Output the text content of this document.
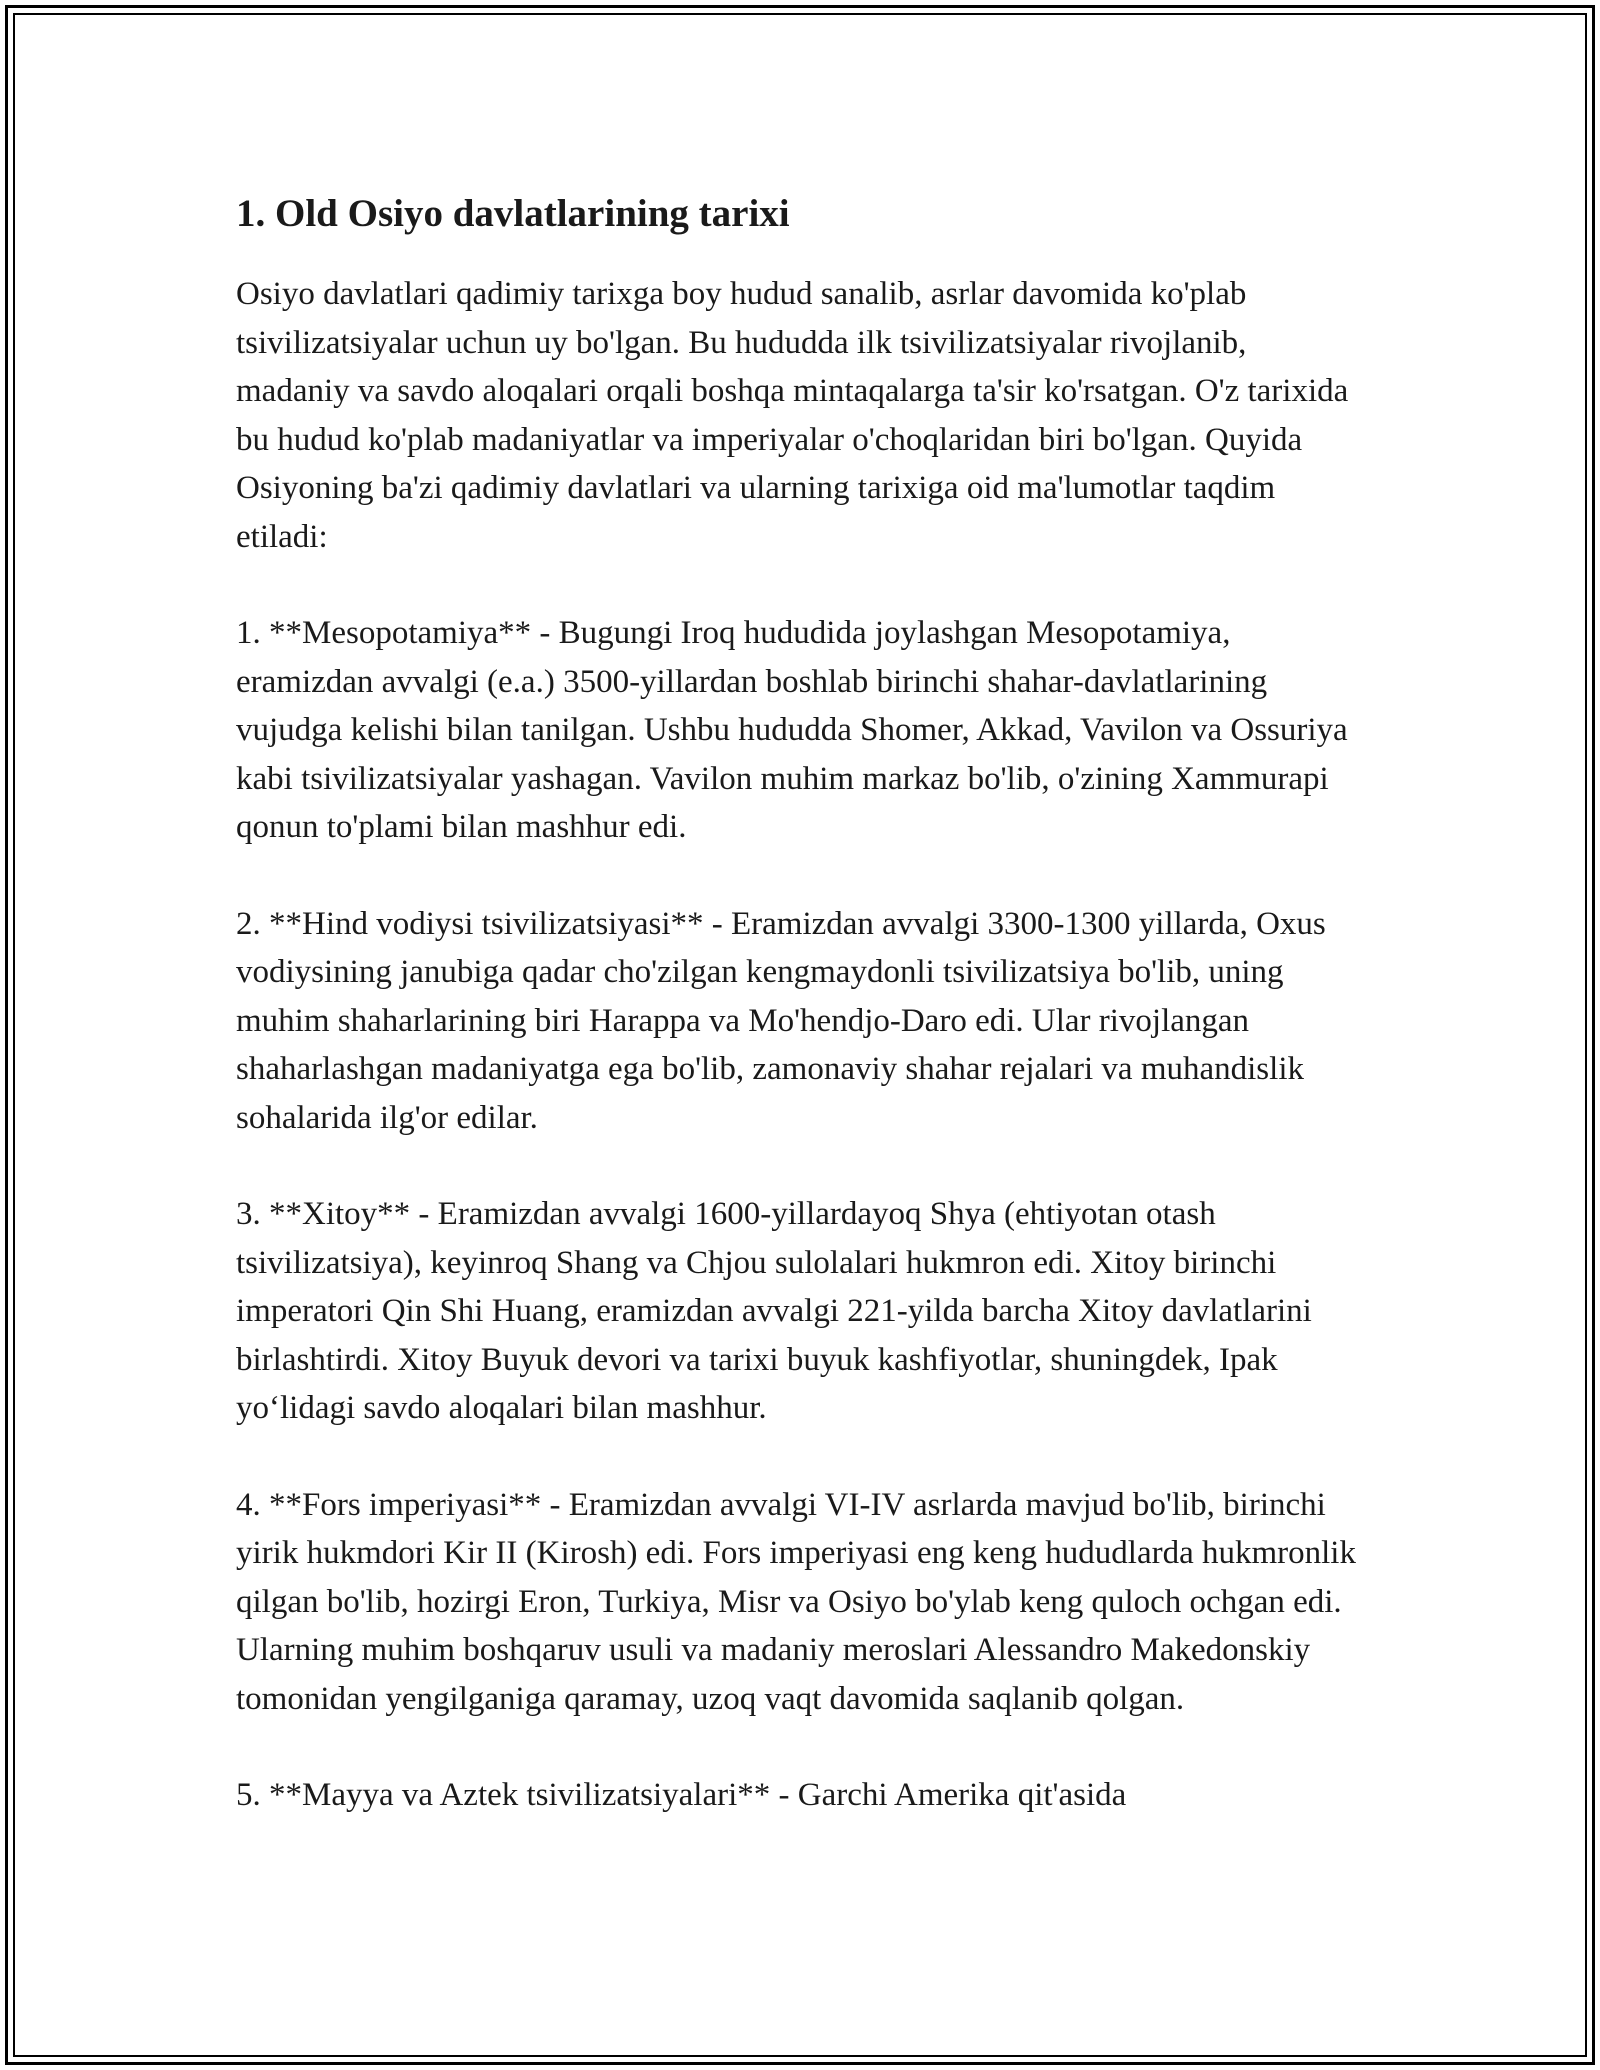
1. Old Osiyo davlatlarining tarixi

Osiyo davlatlari qadimiy tarixga boy hudud sanalib, asrlar davomida ko'plab tsivilizatsiyalar uchun uy bo'lgan. Bu hududda ilk tsivilizatsiyalar rivojlanib, madaniy va savdo aloqalari orqali boshqa mintaqalarga ta'sir ko'rsatgan. O'z tarixida bu hudud ko'plab madaniyatlar va imperiyalar o'choqlaridan biri bo'lgan. Quyida Osiyoning ba'zi qadimiy davlatlari va ularning tarixiga oid ma'lumotlar taqdim etiladi:

1. **Mesopotamiya** - Bugungi Iroq hududida joylashgan Mesopotamiya, eramizdan avvalgi (e.a.) 3500-yillardan boshlab birinchi shahar-davlatlarining vujudga kelishi bilan tanilgan. Ushbu hududda Shomer, Akkad, Vavilon va Ossuriya kabi tsivilizatsiyalar yashagan. Vavilon muhim markaz bo'lib, o'zining Xammurapi qonun to'plami bilan mashhur edi.

2. **Hind vodiysi tsivilizatsiyasi** - Eramizdan avvalgi 3300-1300 yillarda, Oxus vodiysining janubiga qadar cho'zilgan kengmaydonli tsivilizatsiya bo'lib, uning muhim shaharlarining biri Harappa va Mo'hendjo-Daro edi. Ular rivojlangan shaharlashgan madaniyatga ega bo'lib, zamonaviy shahar rejalari va muhandislik sohalarida ilg'or edilar.

3. **Xitoy** - Eramizdan avvalgi 1600-yillardayoq Shya (ehtiyotan otash tsivilizatsiya), keyinroq Shang va Chjou sulolalari hukmron edi. Xitoy birinchi imperatori Qin Shi Huang, eramizdan avvalgi 221-yilda barcha Xitoy davlatlarini birlashtirdi. Xitoy Buyuk devori va tarixi buyuk kashfiyotlar, shuningdek, Ipak yo‘lidagi savdo aloqalari bilan mashhur.

4. **Fors imperiyasi** - Eramizdan avvalgi VI-IV asrlarda mavjud bo'lib, birinchi yirik hukmdori Kir II (Kirosh) edi. Fors imperiyasi eng keng hududlarda hukmronlik qilgan bo'lib, hozirgi Eron, Turkiya, Misr va Osiyo bo'ylab keng quloch ochgan edi. Ularning muhim boshqaruv usuli va madaniy meroslari Alessandro Makedonskiy tomonidan yengilganiga qaramay, uzoq vaqt davomida saqlanib qolgan.

5. **Mayya va Aztek tsivilizatsiyalari** - Garchi Amerika qit'asida
